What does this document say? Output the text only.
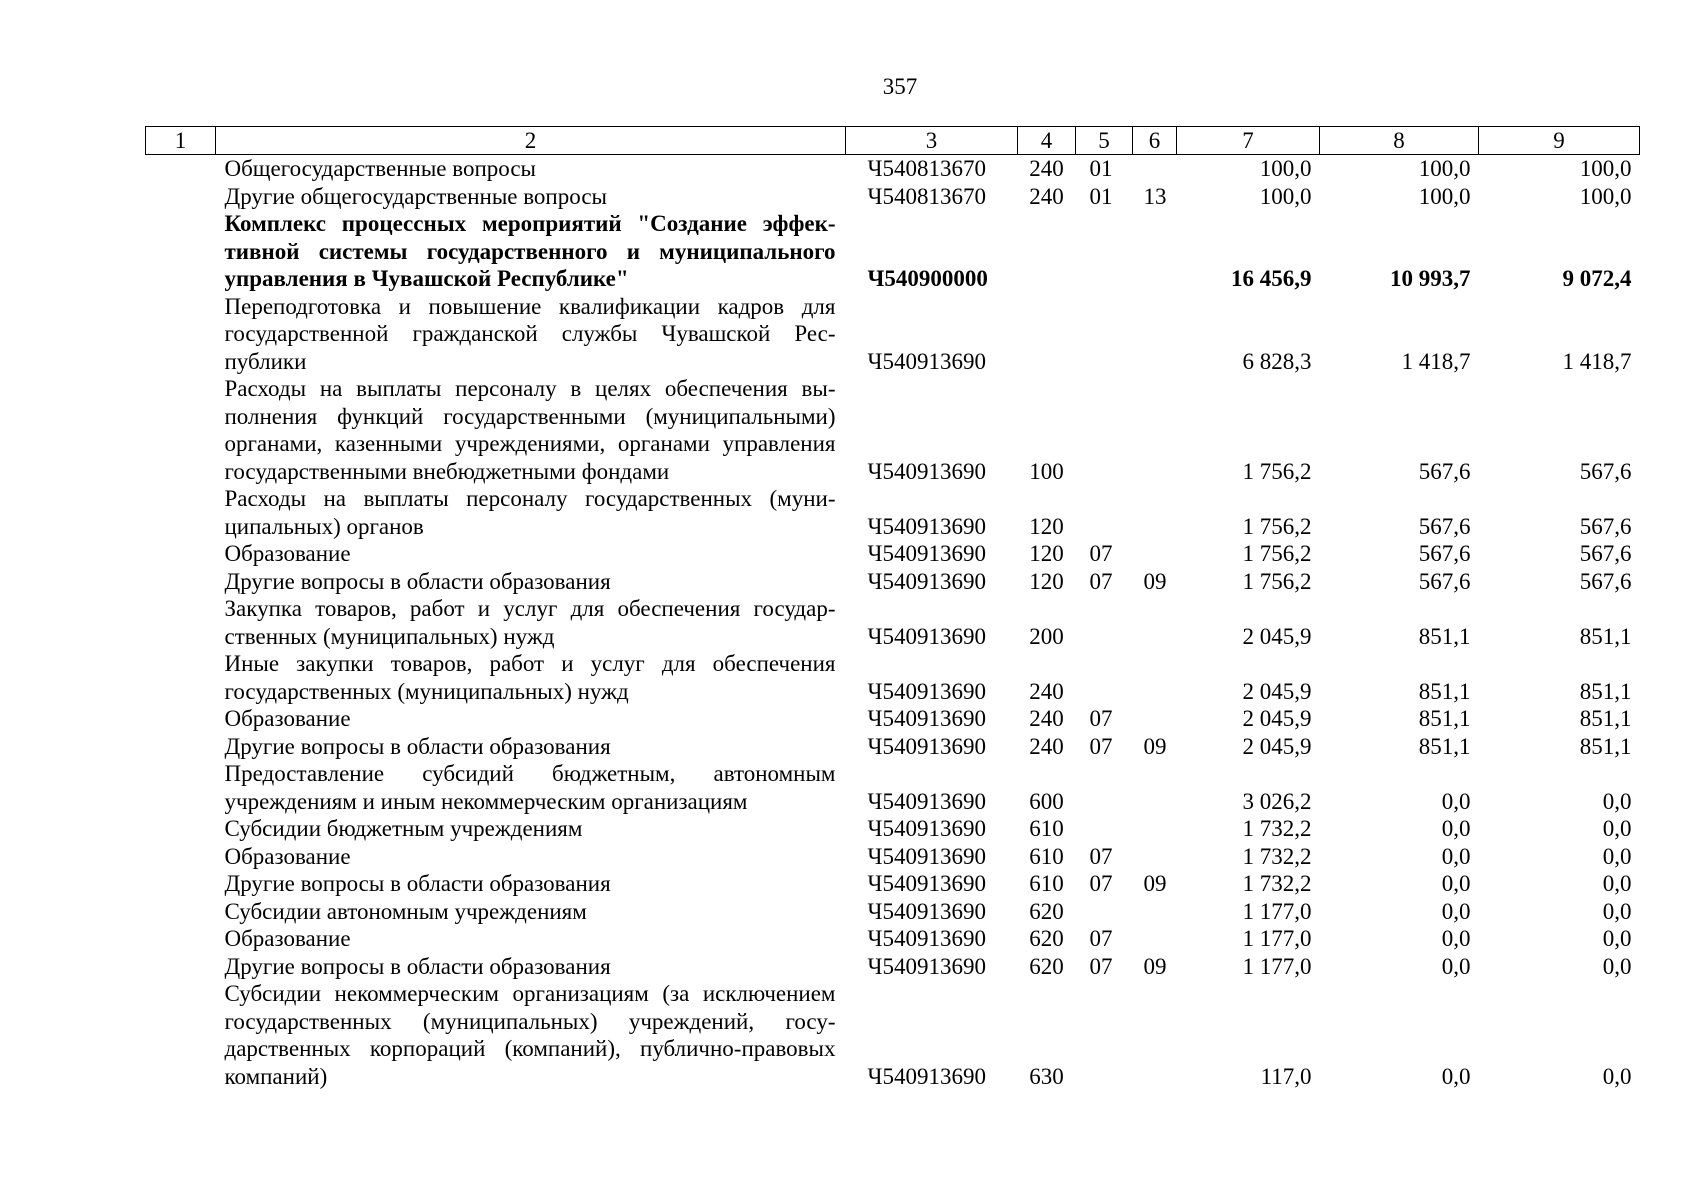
357
1	2	3	4	5	6	7	8	9
	Общегосударственные вопросы	Ч540813670	240	01		100,0	100,0	100,0
	Другие общегосударственные вопросы	Ч540813670	240	01	13	100,0	100,0	100,0
	Комплекс процессных мероприятий "Создание эффективной системы государственного и муниципального управления в Чувашской Республике"	Ч540900000				16 456,9	10 993,7	9 072,4
	Переподготовка и повышение квалификации кадров для государственной гражданской службы Чувашской Республики	Ч540913690				6 828,3	1 418,7	1 418,7
	Расходы на выплаты персоналу в целях обеспечения выполнения функций государственными (муниципальными) органами, казенными учреждениями, органами управления государственными внебюджетными фондами	Ч540913690	100			1 756,2	567,6	567,6
	Расходы на выплаты персоналу государственных (муниципальных) органов	Ч540913690	120			1 756,2	567,6	567,6
	Образование	Ч540913690	120	07		1 756,2	567,6	567,6
	Другие вопросы в области образования	Ч540913690	120	07	09	1 756,2	567,6	567,6
	Закупка товаров, работ и услуг для обеспечения государственных (муниципальных) нужд	Ч540913690	200			2 045,9	851,1	851,1
	Иные закупки товаров, работ и услуг для обеспечения государственных (муниципальных) нужд	Ч540913690	240			2 045,9	851,1	851,1
	Образование	Ч540913690	240	07		2 045,9	851,1	851,1
	Другие вопросы в области образования	Ч540913690	240	07	09	2 045,9	851,1	851,1
	Предоставление субсидий бюджетным, автономным учреждениям и иным некоммерческим организациям	Ч540913690	600			3 026,2	0,0	0,0
	Субсидии бюджетным учреждениям	Ч540913690	610			1 732,2	0,0	0,0
	Образование	Ч540913690	610	07		1 732,2	0,0	0,0
	Другие вопросы в области образования	Ч540913690	610	07	09	1 732,2	0,0	0,0
	Субсидии автономным учреждениям	Ч540913690	620			1 177,0	0,0	0,0
	Образование	Ч540913690	620	07		1 177,0	0,0	0,0
	Другие вопросы в области образования	Ч540913690	620	07	09	1 177,0	0,0	0,0
	Субсидии некоммерческим организациям (за исключением государственных (муниципальных) учреждений, государственных корпораций (компаний), публично-правовых компаний)	Ч540913690	630			117,0	0,0	0,0
